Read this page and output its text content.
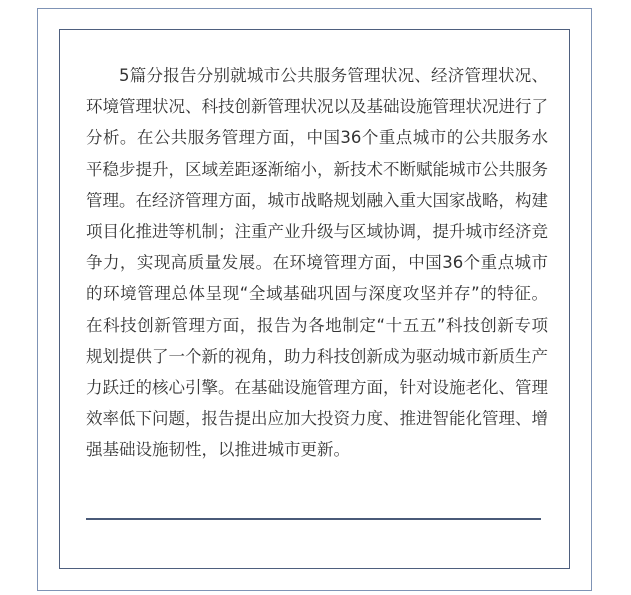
5篇分报告分别就城市公共服务管理状况、经济管理状况、环境管理状况、科技创新管理状况以及基础设施管理状况进行了分析。在公共服务管理方面，中国36个重点城市的公共服务水平稳步提升，区域差距逐渐缩小，新技术不断赋能城市公共服务管理。在经济管理方面，城市战略规划融入重大国家战略，构建项目化推进等机制；注重产业升级与区域协调，提升城市经济竞争力，实现高质量发展。在环境管理方面，中国36个重点城市的环境管理总体呈现“全域基础巩固与深度攻坚并存”的特征。在科技创新管理方面，报告为各地制定“十五五”科技创新专项规划提供了一个新的视角，助力科技创新成为驱动城市新质生产力跃迁的核心引擎。在基础设施管理方面，针对设施老化、管理效率低下问题，报告提出应加大投资力度、推进智能化管理、增强基础设施韧性，以推进城市更新。
